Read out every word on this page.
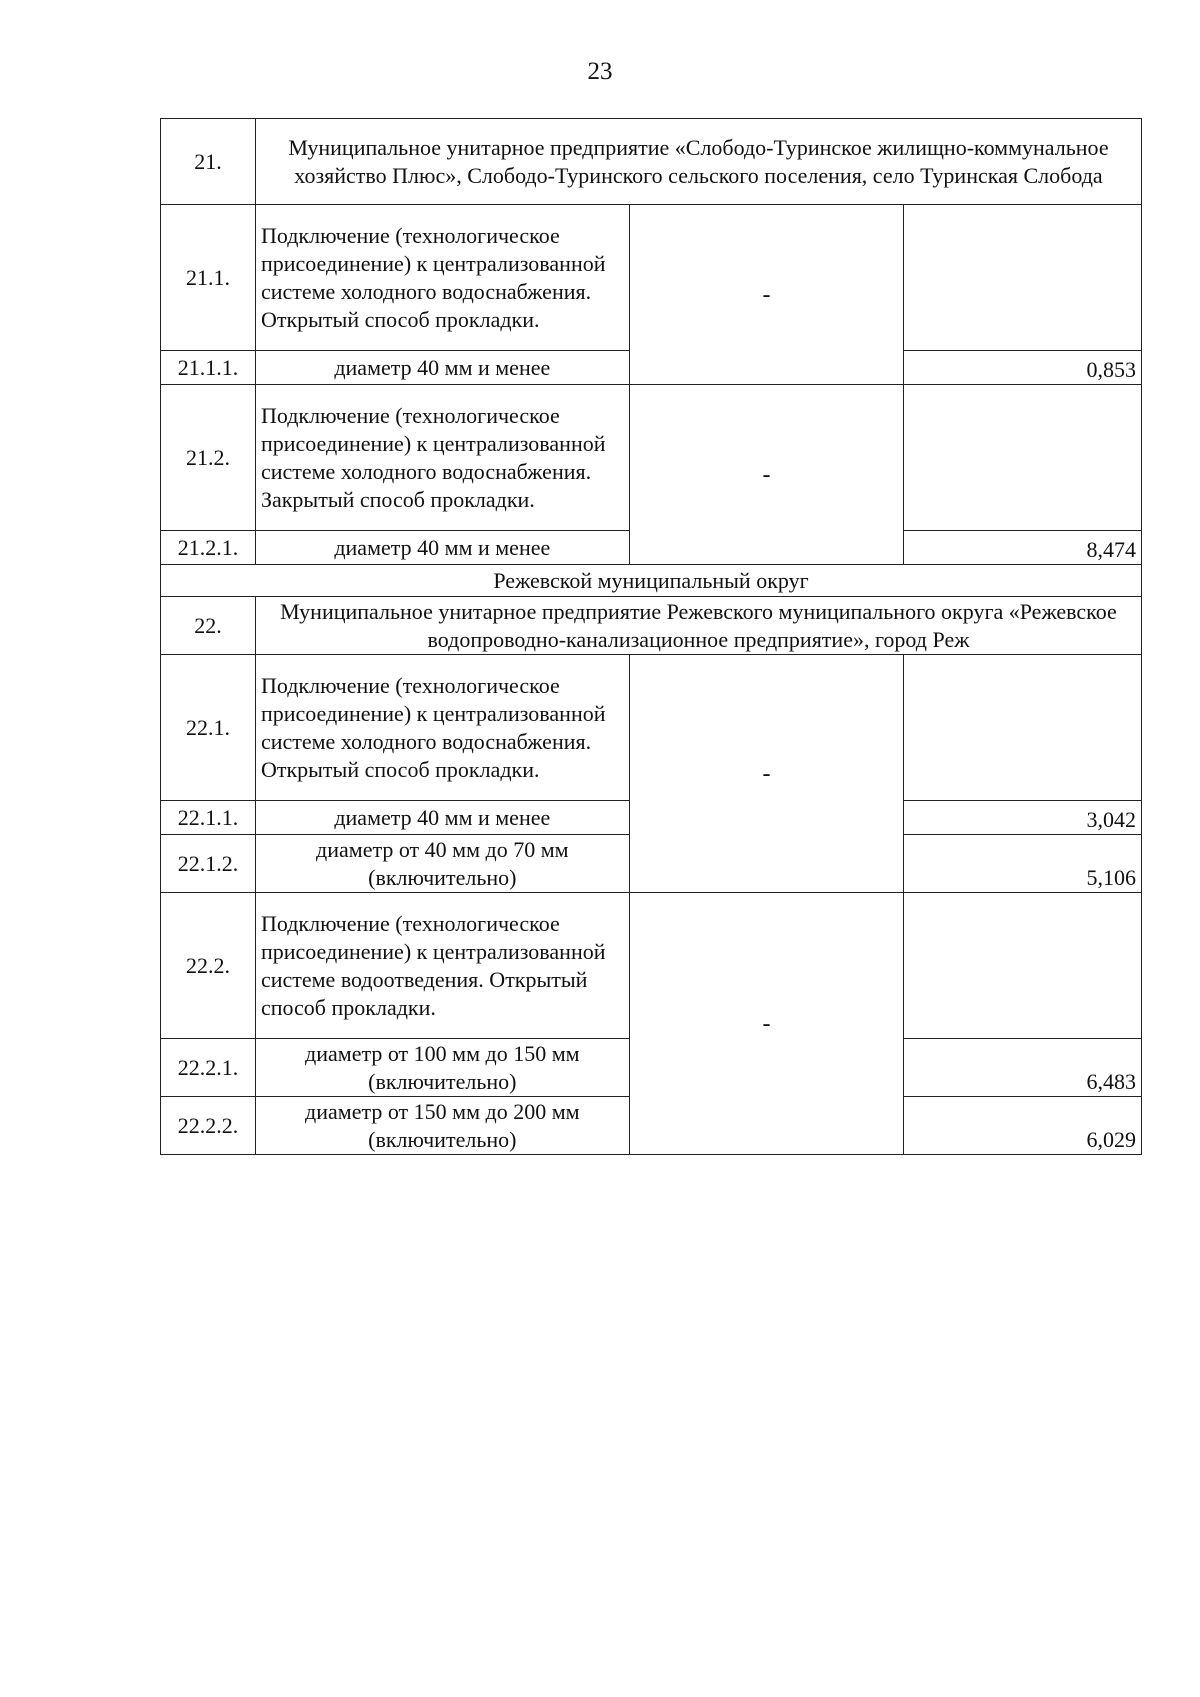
23
21.	Муниципальное унитарное предприятие «Слободо-Туринское жилищно-коммунальное хозяйство Плюс», Слободо-Туринского сельского поселения, село Туринская Слобода		
21.1.	Подключение (технологическое присоединение) к централизованной системе холодного водоснабжения. Открытый способ прокладки.	-	
21.1.1.	диаметр 40 мм и менее		0,853
21.2.	Подключение (технологическое присоединение) к централизованной системе холодного водоснабжения. Закрытый способ прокладки.	-	
21.2.1.	диаметр 40 мм и менее		8,474
Режевской муниципальный округ			
22.	Муниципальное унитарное предприятие Режевского муниципального округа «Режевское водопроводно-канализационное предприятие», город Реж		
22.1.	Подключение (технологическое присоединение) к централизованной системе холодного водоснабжения. Открытый способ прокладки.	-	
22.1.1.	диаметр 40 мм и менее		3,042
22.1.2.	диаметр от 40 мм до 70 мм (включительно)		5,106
22.2.	Подключение (технологическое присоединение) к централизованной системе водоотведения. Открытый способ прокладки.	-	
22.2.1.	диаметр от 100 мм до 150 мм (включительно)		6,483
22.2.2.	диаметр от 150 мм до 200 мм (включительно)		6,029
